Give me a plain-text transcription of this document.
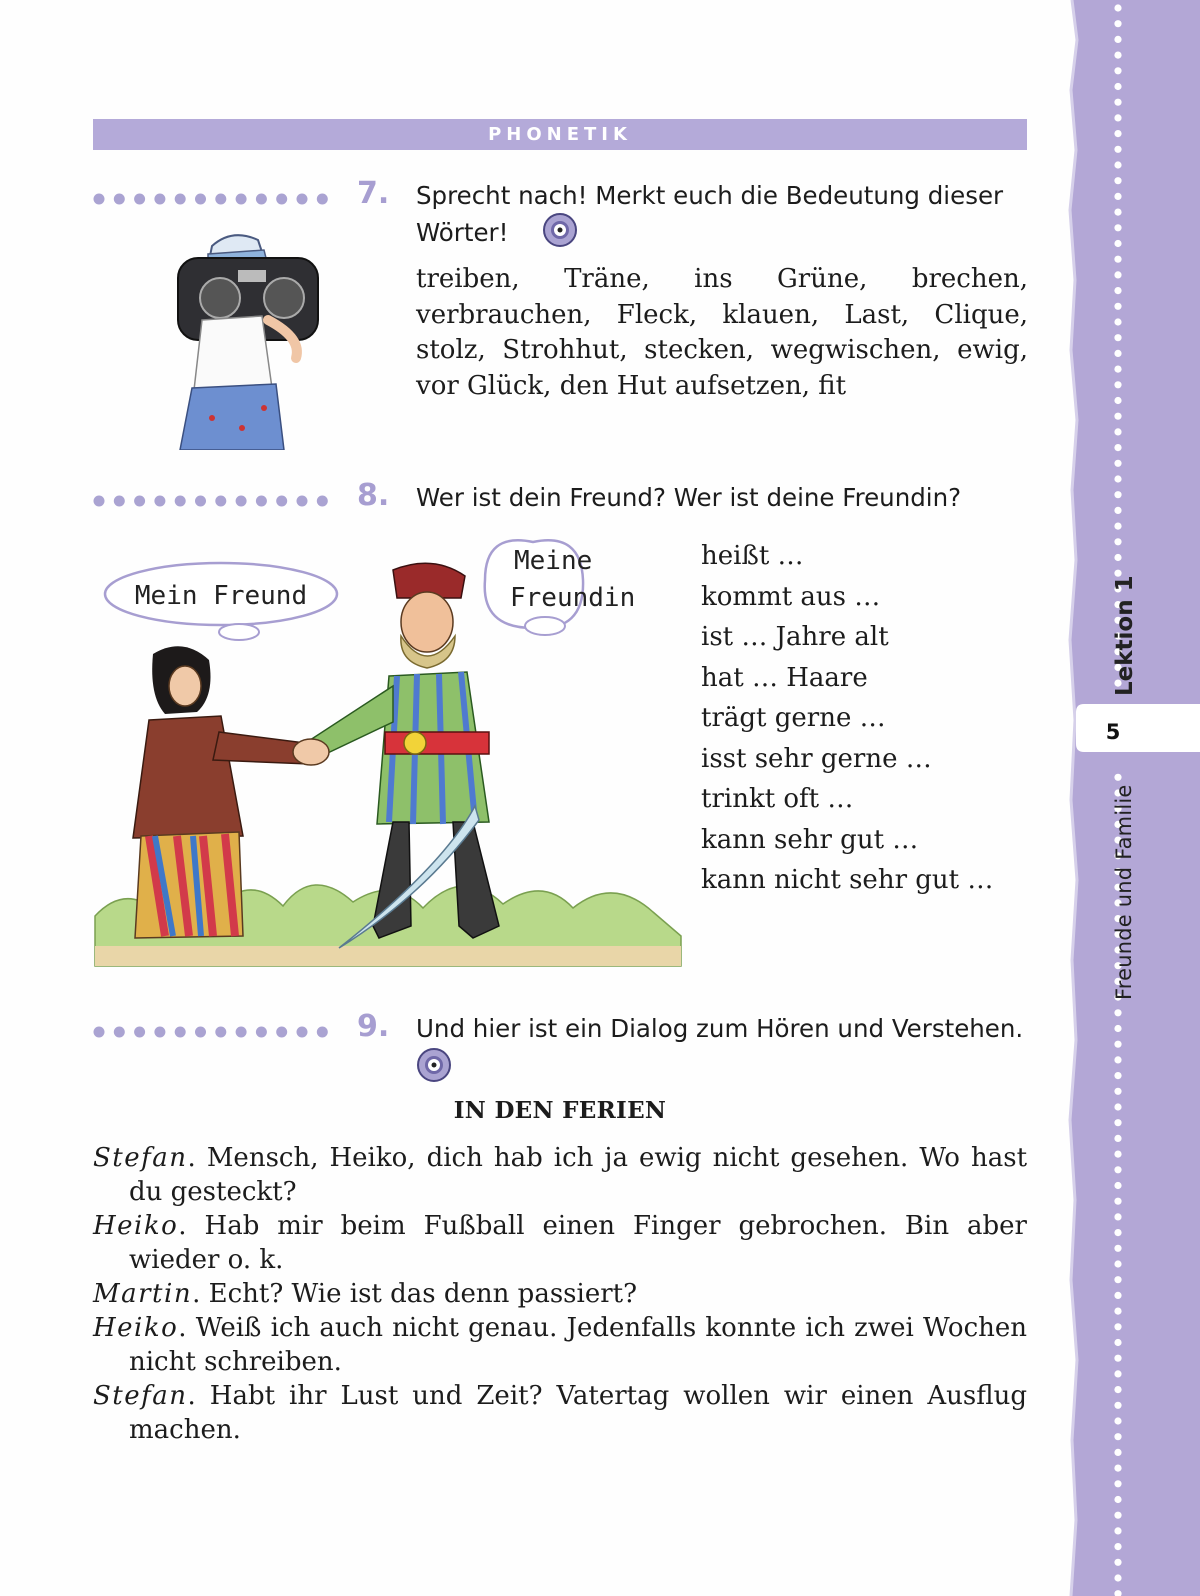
Lektion 1
5
Freunde und Familie
PHONETIK
7. Sprecht nach! Merkt euch die Bedeutung dieser
Wörter!
treiben, Träne, ins Grüne, brechen, verbrauchen, Fleck, klauen, Last, Clique, stolz, Strohhut, stecken, wegwischen, ewig, vor Glück, den Hut aufsetzen, fit
8. Wer ist dein Freund? Wer ist deine Freundin?
Mein Freund
Meine
Freundin
heißt …
kommt aus …
ist … Jahre alt
hat … Haare
trägt gerne …
isst sehr gerne …
trinkt oft …
kann sehr gut …
kann nicht sehr gut …
9. Und hier ist ein Dialog zum Hören und Verstehen.
IN DEN FERIEN

Stefan. Mensch, Heiko, dich hab ich ja ewig nicht gesehen. Wo hast du gesteckt?

Heiko. Hab mir beim Fußball einen Finger gebrochen. Bin aber wieder o. k.

Martin. Echt? Wie ist das denn passiert?

Heiko. Weiß ich auch nicht genau. Jedenfalls konnte ich zwei Wochen nicht schreiben.

Stefan. Habt ihr Lust und Zeit? Vatertag wollen wir einen Ausflug machen.
